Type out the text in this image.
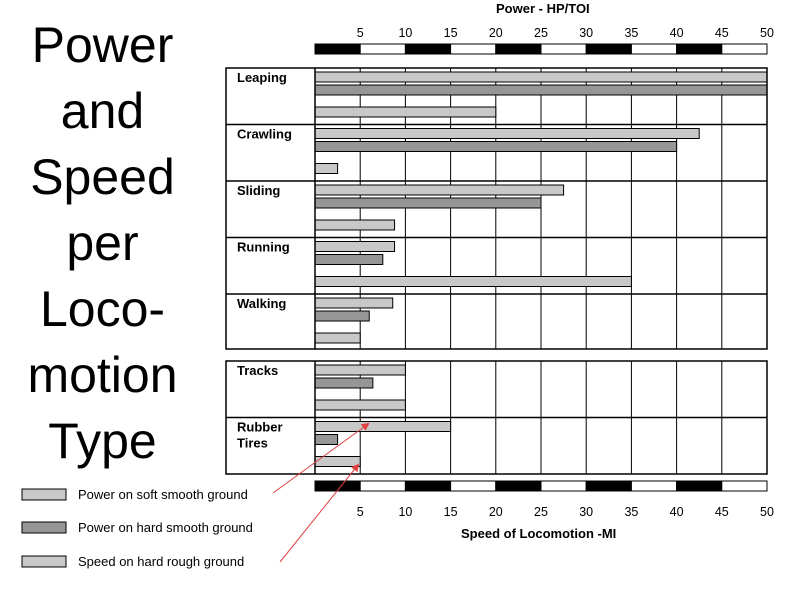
Power
and
Speed
per
Loco-
motion
Type
Leaping
Crawling
Sliding
Running
Walking
Tracks
Rubber Tires
5
5
10
10
15
15
20
20
25
25
30
30
35
35
40
40
45
45
50
50
Power - HP/TOI
Speed of Locomotion -MI
Power on soft smooth ground
Power on hard smooth ground
Speed on hard rough ground
